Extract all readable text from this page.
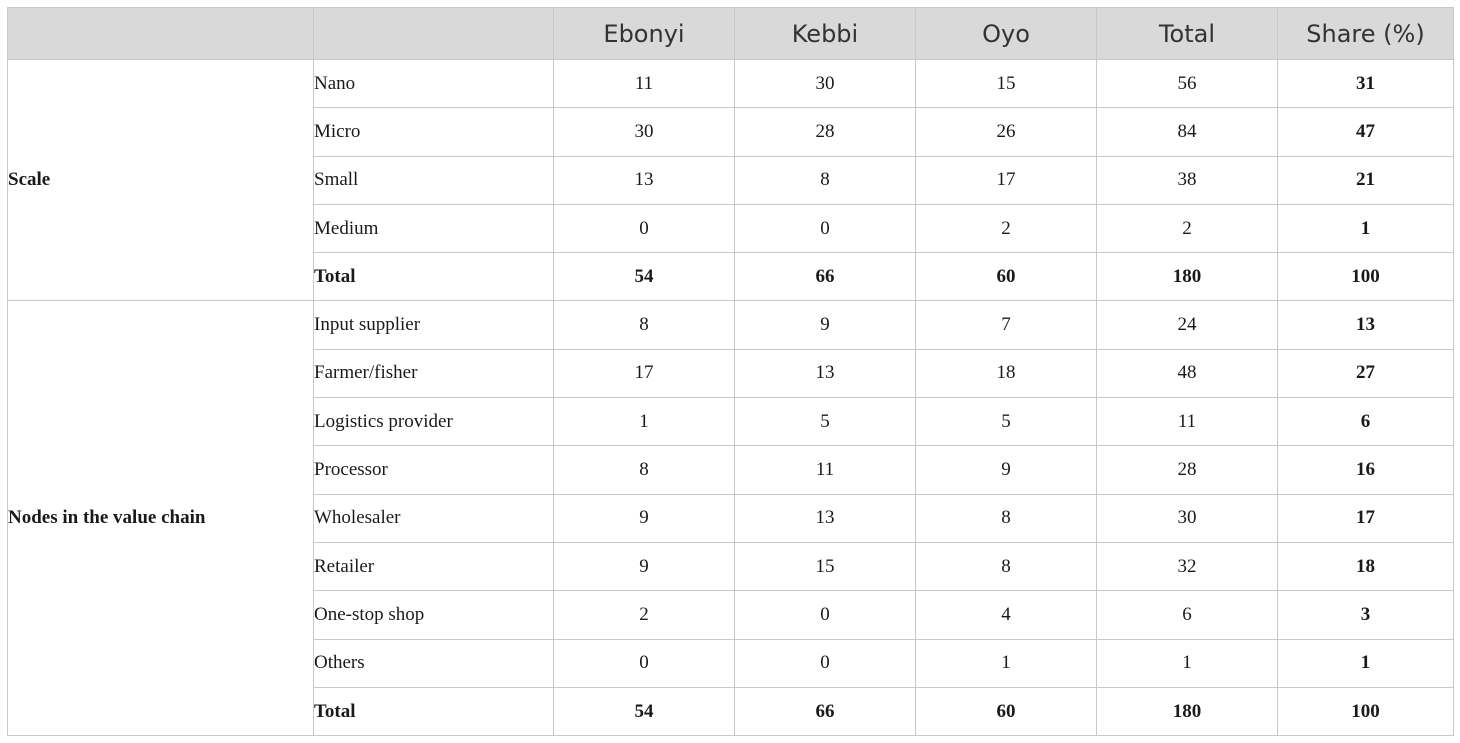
		Ebonyi	Kebbi	Oyo	Total	Share (%)
Scale	Nano	11	30	15	56	31
	Micro	30	28	26	84	47
	Small	13	8	17	38	21
	Medium	0	0	2	2	1
	Total	54	66	60	180	100
Nodes in the value chain	Input supplier	8	9	7	24	13
	Farmer/fisher	17	13	18	48	27
	Logistics provider	1	5	5	11	6
	Processor	8	11	9	28	16
	Wholesaler	9	13	8	30	17
	Retailer	9	15	8	32	18
	One-stop shop	2	0	4	6	3
	Others	0	0	1	1	1
	Total	54	66	60	180	100
